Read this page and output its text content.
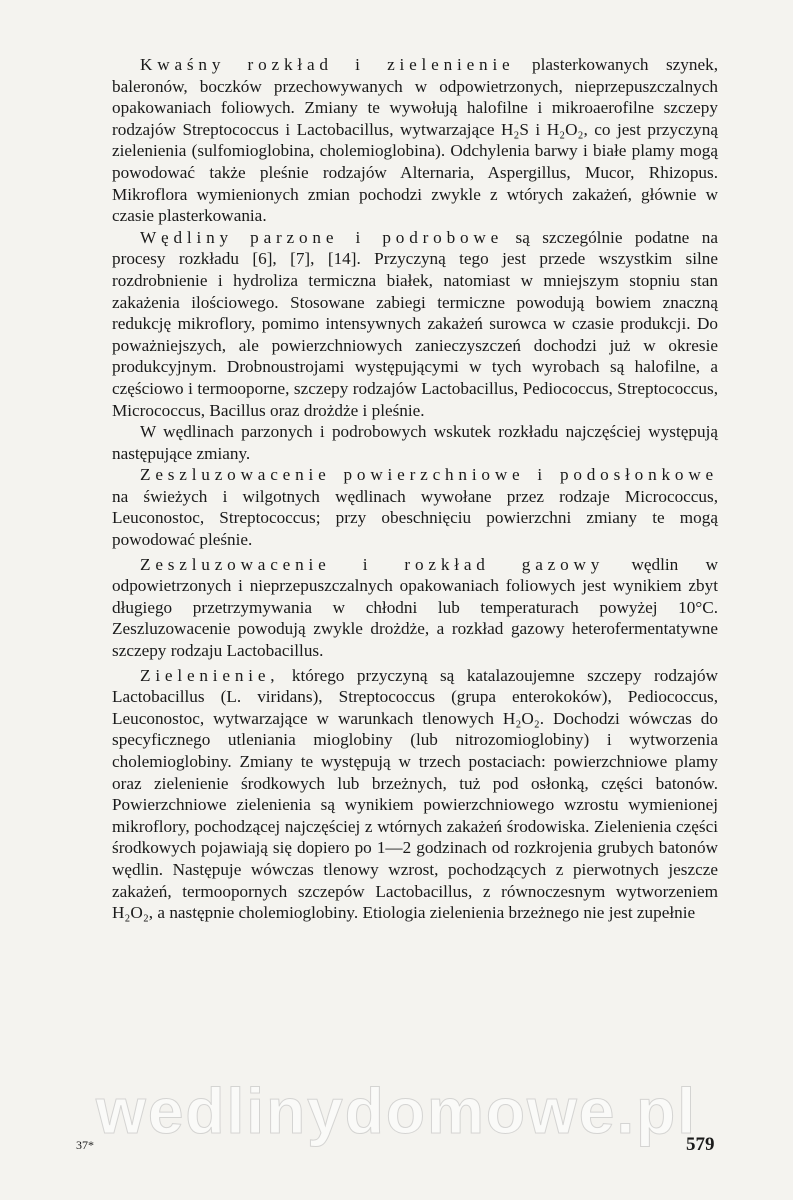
Kwaśny rozkład i zielenienie plasterkowanych szynek, baleronów, boczków przechowywanych w odpowietrzonych, nieprzepuszczalnych opakowaniach foliowych. Zmiany te wywołują halofilne i mikroaerofilne szczepy rodzajów Streptococcus i Lactobacillus, wytwarzające H₂S i H₂O₂, co jest przyczyną zielenienia (sulfomioglobina, cholemioglobina). Odchylenia barwy i białe plamy mogą powodować także pleśnie rodzajów Alternaria, Aspergillus, Mucor, Rhizopus. Mikroflora wymienionych zmian pochodzi zwykle z wtórych zakażeń, głównie w czasie plasterkowania.

Wędliny parzone i podrobowe są szczególnie podatne na procesy rozkładu [6], [7], [14]. Przyczyną tego jest przede wszystkim silne rozdrobnienie i hydroliza termiczna białek, natomiast w mniejszym stopniu stan zakażenia ilościowego. Stosowane zabiegi termiczne powodują bowiem znaczną redukcję mikroflory, pomimo intensywnych zakażeń surowca w czasie produkcji. Do poważniejszych, ale powierzchniowych zanieczyszczeń dochodzi już w okresie produkcyjnym. Drobnoustrojami występującymi w tych wyrobach są halofilne, a częściowo i termooporne, szczepy rodzajów Lactobacillus, Pediococcus, Streptococcus, Micrococcus, Bacillus oraz drożdże i pleśnie.

W wędlinach parzonych i podrobowych wskutek rozkładu najczęściej występują następujące zmiany.

Zeszluzowacenie powierzchniowe i podosłonkowe na świeżych i wilgotnych wędlinach wywołane przez rodzaje Micrococcus, Leuconostoc, Streptococcus; przy obeschnięciu powierzchni zmiany te mogą powodować pleśnie.

Zeszluzowacenie i rozkład gazowy wędlin w odpowietrzonych i nieprzepuszczalnych opakowaniach foliowych jest wynikiem zbyt długiego przetrzymywania w chłodni lub temperaturach powyżej 10°C. Zeszluzowacenie powodują zwykle drożdże, a rozkład gazowy heterofermentatywne szczepy rodzaju Lactobacillus.

Zielenienie, którego przyczyną są katalazoujemne szczepy rodzajów Lactobacillus (L. viridans), Streptococcus (grupa enterokoków), Pediococcus, Leuconostoc, wytwarzające w warunkach tlenowych H₂O₂. Dochodzi wówczas do specyficznego utleniania mioglobiny (lub nitrozomioglobiny) i wytworzenia cholemioglobiny. Zmiany te występują w trzech postaciach: powierzchniowe plamy oraz zielenienie środkowych lub brzeżnych, tuż pod osłonką, części batonów. Powierzchniowe zielenienia są wynikiem powierzchniowego wzrostu wymienionej mikroflory, pochodzącej najczęściej z wtórnych zakażeń środowiska. Zielenienia części środkowych pojawiają się dopiero po 1—2 godzinach od rozkrojenia grubych batonów wędlin. Następuje wówczas tlenowy wzrost, pochodzących z pierwotnych jeszcze zakażeń, termoopornych szczepów Lactobacillus, z równoczesnym wytworzeniem H₂O₂, a następnie cholemioglobiny. Etiologia zielenienia brzeżnego nie jest zupełnie

wedlinydomowe.pl
37*	579
